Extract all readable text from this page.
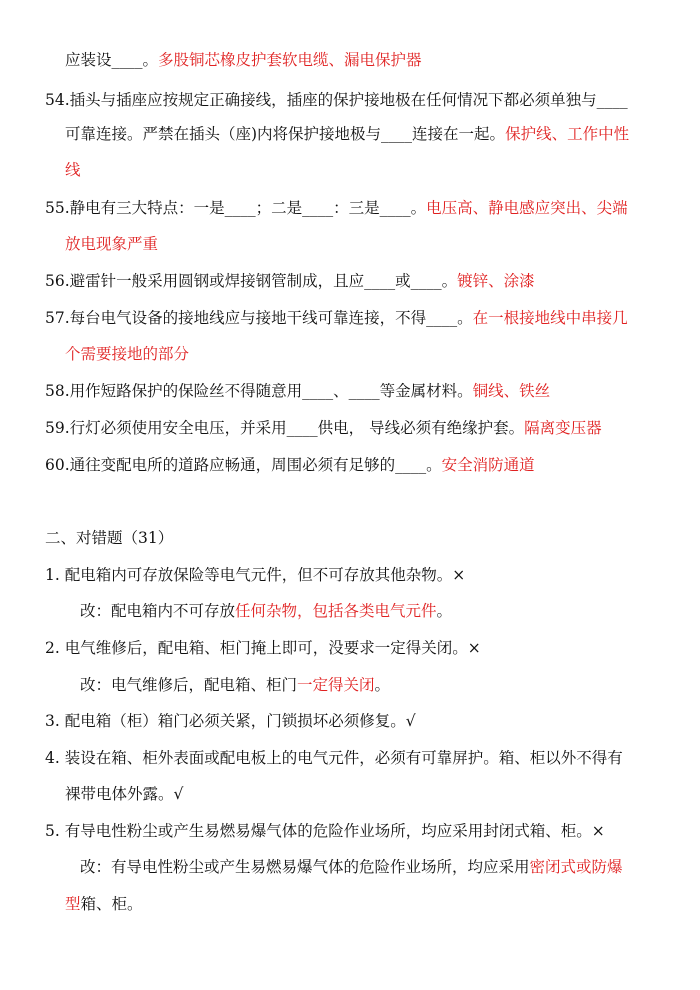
应装设____。多股铜芯橡皮护套软电缆、漏电保护器
54.插头与插座应按规定正确接线，插座的保护接地极在任何情况下都必须单独与____
可靠连接。严禁在插头（座)内将保护接地极与____连接在一起。保护线、工作中性
线
55.静电有三大特点：一是____；二是____：三是____。电压高、静电感应突出、尖端
放电现象严重
56.避雷针一般采用圆钢或焊接钢管制成，且应____或____。镀锌、涂漆
57.每台电气设备的接地线应与接地干线可靠连接，不得____。在一根接地线中串接几
个需要接地的部分
58.用作短路保护的保险丝不得随意用____、____等金属材料。铜线、铁丝
59.行灯必须使用安全电压，并采用____供电， 导线必须有绝缘护套。隔离变压器
60.通往变配电所的道路应畅通，周围必须有足够的____。安全消防通道
二、对错题（31）
1. 配电箱内可存放保险等电气元件，但不可存放其他杂物。×
改：配电箱内不可存放任何杂物，包括各类电气元件。
2. 电气维修后，配电箱、柜门掩上即可，没要求一定得关闭。×
改：电气维修后，配电箱、柜门一定得关闭。
3. 配电箱（柜）箱门必须关紧，门锁损坏必须修复。√
4. 装设在箱、柜外表面或配电板上的电气元件，必须有可靠屏护。箱、柜以外不得有
裸带电体外露。√
5. 有导电性粉尘或产生易燃易爆气体的危险作业场所，均应采用封闭式箱、柜。×
改：有导电性粉尘或产生易燃易爆气体的危险作业场所，均应采用密闭式或防爆
型箱、柜。
